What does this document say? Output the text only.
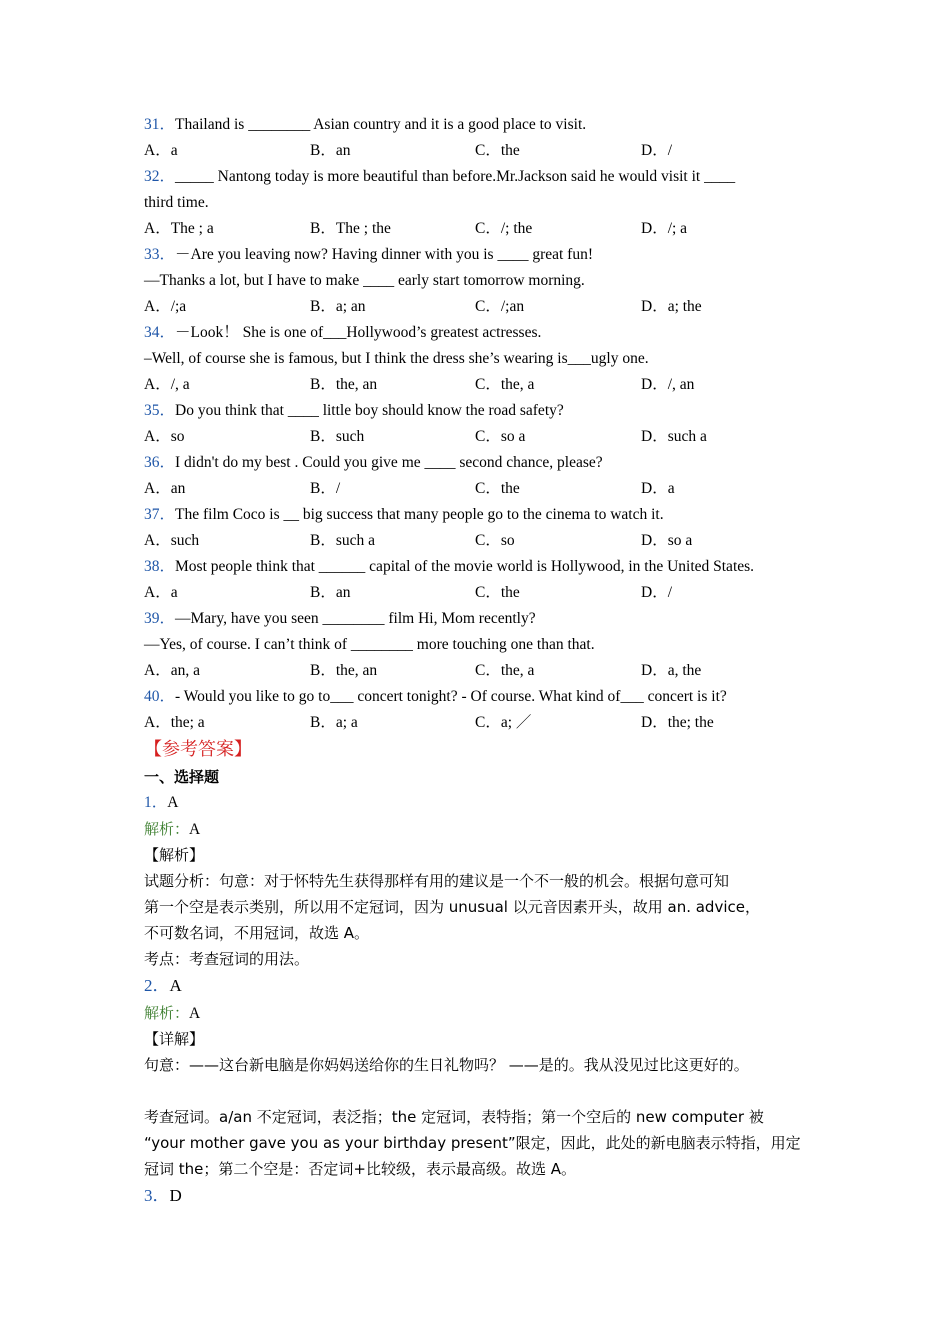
31．Thailand is ________ Asian country and it is a good place to visit.
A．a	B．an	C．the	D．/
32．_____ Nantong today is more beautiful than before.Mr.Jackson said he would visit it ____
third time.
A．The ; a	B．The ; the	C．/; the	D．/; a
33．－Are you leaving now? Having dinner with you is ____ great fun!
—Thanks a lot, but I have to make ____ early start tomorrow morning.
A．/;a	B．a; an	C．/;an	D．a; the
34．－Look！ She is one of___Hollywood’s greatest actresses.
–Well, of course she is famous, but I think the dress she’s wearing is___ugly one.
A．/, a	B．the, an	C．the, a	D．/, an
35．Do you think that ____ little boy should know the road safety?
A．so	B．such	C．so a	D．such a
36．I didn't do my best . Could you give me ____ second chance, please?
A．an	B．/	C．the	D．a
37．The film Coco is __ big success that many people go to the cinema to watch it.
A．such	B．such a	C．so	D．so a
38．Most people think that ______ capital of the movie world is Hollywood, in the United States.
A．a	B．an	C．the	D．/
39．—Mary, have you seen ________ film Hi, Mom recently?
—Yes, of course. I can’t think of ________ more touching one than that.
A．an, a	B．the, an	C．the, a	D．a, the
40．- Would you like to go to___ concert tonight? - Of course. What kind of___ concert is it?
A．the; a	B．a; a	C．a; ／	D．the; the
【参考答案】
一、选择题
1．A
解析：A
【解析】
试题分析：句意：对于怀特先生获得那样有用的建议是一个不一般的机会。根据句意可知
第一个空是表示类别，所以用不定冠词，因为 unusual 以元音因素开头，故用 an. advice，
不可数名词，不用冠词，故选 A。
考点：考查冠词的用法。
2．A
解析：A
【详解】
句意：——这台新电脑是你妈妈送给你的生日礼物吗？ ——是的。我从没见过比这更好的。
考查冠词。a/an 不定冠词，表泛指；the 定冠词，表特指；第一个空后的 new computer 被
“your mother gave you as your birthday present”限定，因此，此处的新电脑表示特指，用定
冠词 the；第二个空是：否定词+比较级，表示最高级。故选 A。
3．D
